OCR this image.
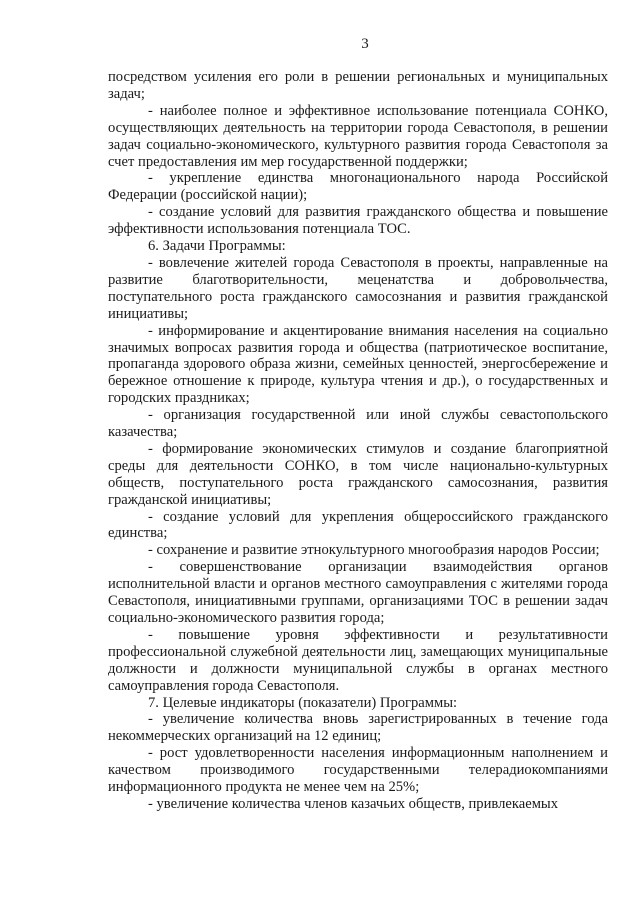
3

посредством усиления его роли в решении региональных и муниципальных задач;

- наиболее полное и эффективное использование потенциала СОНКО, осуществляющих деятельность на территории города Севастополя, в решении задач социально-экономического, культурного развития города Севастополя за счет предоставления им мер государственной поддержки;

- укрепление единства многонационального народа Российской Федерации (российской нации);

- создание условий для развития гражданского общества и повышение эффективности использования потенциала ТОС.

6. Задачи Программы:

- вовлечение жителей города Севастополя в проекты, направленные на развитие благотворительности, меценатства и добровольчества, поступательного роста гражданского самосознания и развития гражданской инициативы;

- информирование и акцентирование внимания населения на социально значимых вопросах развития города и общества (патриотическое воспитание, пропаганда здорового образа жизни, семейных ценностей, энергосбережение и бережное отношение к природе, культура чтения и др.), о государственных и городских праздниках;

- организация государственной или иной службы севастопольского казачества;

- формирование экономических стимулов и создание благоприятной среды для деятельности СОНКО, в том числе национально-культурных обществ, поступательного роста гражданского самосознания, развития гражданской инициативы;

- создание условий для укрепления общероссийского гражданского единства;

- сохранение и развитие этнокультурного многообразия народов России;

- совершенствование организации взаимодействия органов исполнительной власти и органов местного самоуправления с жителями города Севастополя, инициативными группами, организациями ТОС в решении задач социально-экономического развития города;

- повышение уровня эффективности и результативности профессиональной служебной деятельности лиц, замещающих муниципальные должности и должности муниципальной службы в органах местного самоуправления города Севастополя.

7. Целевые индикаторы (показатели) Программы:

- увеличение количества вновь зарегистрированных в течение года некоммерческих организаций на 12 единиц;

- рост удовлетворенности населения информационным наполнением и качеством производимого государственными телерадиокомпаниями информационного продукта не менее чем на 25%;

- увеличение количества членов казачьих обществ, привлекаемых
